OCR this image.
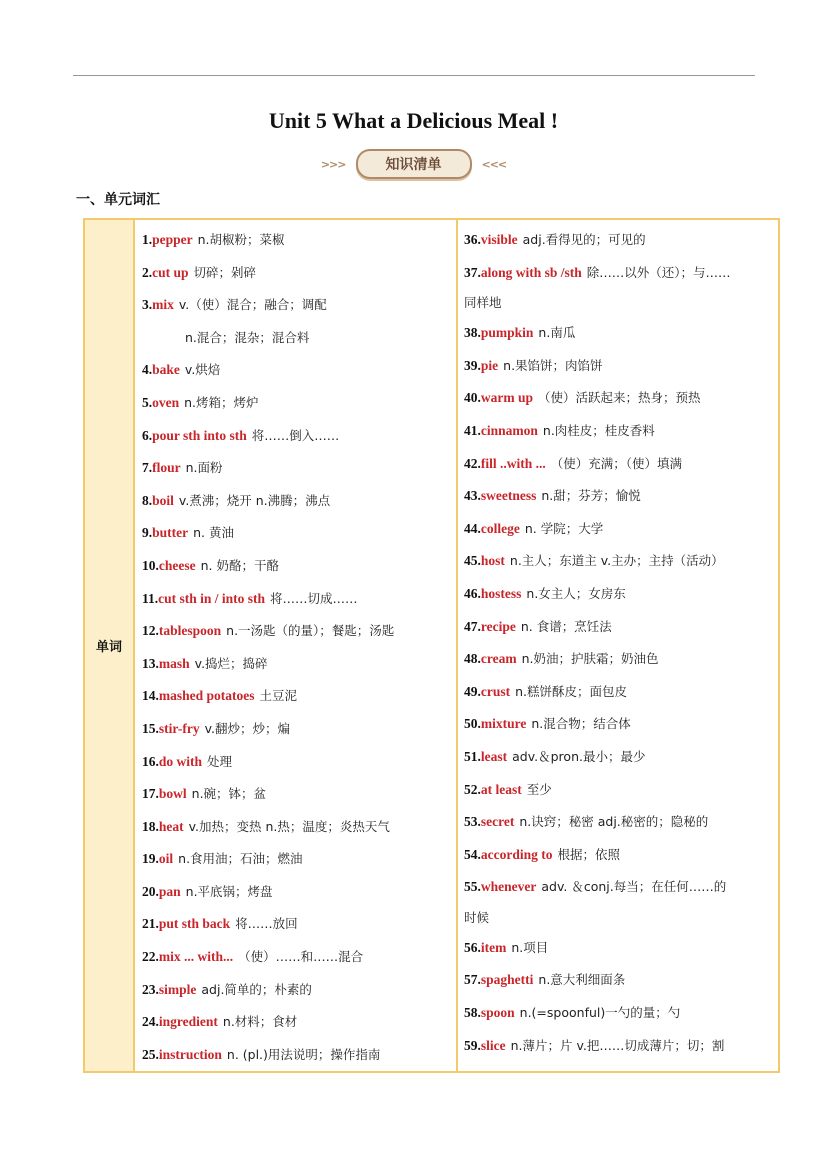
Unit 5 What a Delicious Meal !
>>>	知识清单	<<<
一、单元词汇
单词	
1.pepper n.胡椒粉；菜椒
2.cut up 切碎；剁碎
3.mix v.（使）混合；融合；调配
n.混合；混杂；混合料
4.bake v.烘焙
5.oven n.烤箱；烤炉
6.pour sth into sth 将……倒入……
7.flour n.面粉
8.boil v.煮沸；烧开 n.沸腾；沸点
9.butter n. 黄油
10.cheese n. 奶酪；干酪
11.cut sth in / into sth 将……切成……
12.tablespoon n.一汤匙（的量）；餐匙；汤匙
13.mash v.捣烂；捣碎
14.mashed potatoes 土豆泥
15.stir-fry v.翻炒；炒；煸
16.do with 处理
17.bowl n.碗；钵；盆
18.heat v.加热；变热 n.热；温度；炎热天气
19.oil n.食用油；石油；燃油
20.pan n.平底锅；烤盘
21.put sth back 将……放回
22.mix ... with... （使）……和……混合
23.simple adj.简单的；朴素的
24.ingredient n.材料；食材
25.instruction n. (pl.)用法说明；操作指南

36.visible adj.看得见的；可见的
37.along with sb /sth 除……以外（还）；与……
同样地
38.pumpkin n.南瓜
39.pie n.果馅饼；肉馅饼
40.warm up （使）活跃起来；热身；预热
41.cinnamon n.肉桂皮；桂皮香料
42.fill ..with ... （使）充满；（使）填满
43.sweetness n.甜；芬芳；愉悦
44.college n. 学院；大学
45.host n.主人；东道主 v.主办；主持（活动）
46.hostess n.女主人；女房东
47.recipe n. 食谱；烹饪法
48.cream n.奶油；护肤霜；奶油色
49.crust n.糕饼酥皮；面包皮
50.mixture n.混合物；结合体
51.least adv.＆pron.最小；最少
52.at least 至少
53.secret n.诀窍；秘密 adj.秘密的；隐秘的
54.according to 根据；依照
55.whenever adv. ＆conj.每当；在任何……的
时候
56.item n.项目
57.spaghetti n.意大利细面条
58.spoon n.(=spoonful)一勺的量；勺
59.slice n.薄片；片 v.把……切成薄片；切；割
